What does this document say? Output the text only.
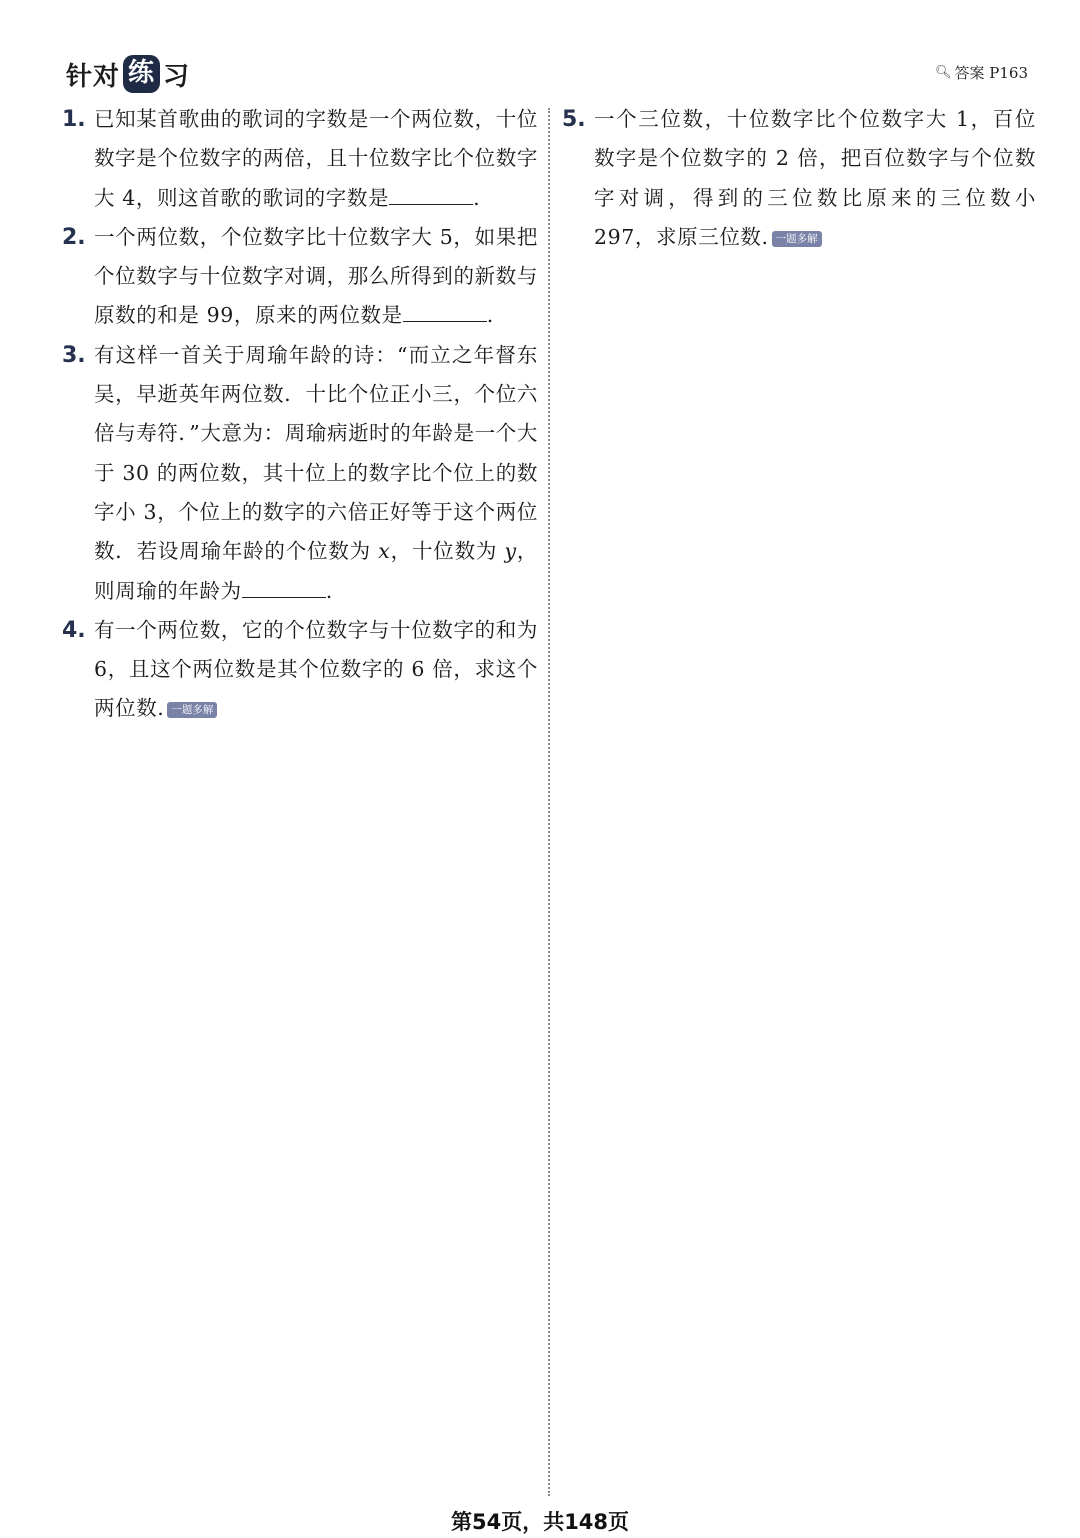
针对 练 习	🔍︎ 答案 P163
1. 已知某首歌曲的歌词的字数是一个两位数，十位数字是个位数字的两倍，且十位数字比个位数字大 4，则这首歌的歌词的字数是	.
2. 一个两位数，个位数字比十位数字大 5，如果把个位数字与十位数字对调，那么所得到的新数与原数的和是 99，原来的两位数是	.
3. 有这样一首关于周瑜年龄的诗：“而立之年督东吴，早逝英年两位数．十比个位正小三，个位六倍与寿符．”大意为：周瑜病逝时的年龄是一个大于 30 的两位数，其十位上的数字比个位上的数字小 3，个位上的数字的六倍正好等于这个两位数．若设周瑜年龄的个位数为 x，十位数为 y，则周瑜的年龄为	.
4. 有一个两位数，它的个位数字与十位数字的和为 6，且这个两位数是其个位数字的 6 倍，求这个两位数. 一题多解
5. 一个三位数，十位数字比个位数字大 1，百位数字是个位数字的 2 倍，把百位数字与个位数字对调，得到的三位数比原来的三位数小 297，求原三位数. 一题多解
第54页，共148页
